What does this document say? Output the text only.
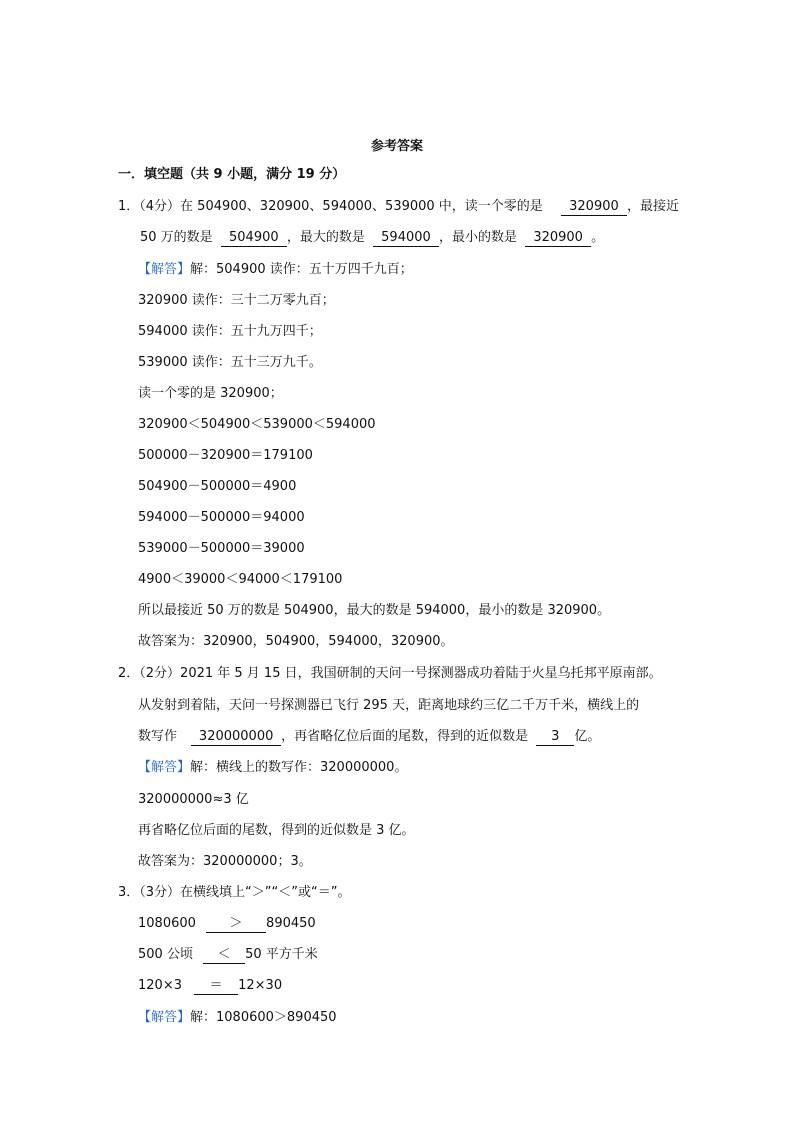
参考答案
一．填空题（共 9 小题，满分 19 分）
1．（4分）在 504900、320900、594000、539000 中，读一个零的是 320900 ，最接近
50 万的数是 504900 ，最大的数是 594000 ，最小的数是 320900 。
【解答】解：504900 读作：五十万四千九百；
320900 读作：三十二万零九百；
594000 读作：五十九万四千；
539000 读作：五十三万九千。
读一个零的是 320900；
320900＜504900＜539000＜594000
500000－320900＝179100
504900－500000＝4900
594000－500000＝94000
539000－500000＝39000
4900＜39000＜94000＜179100
所以最接近 50 万的数是 504900，最大的数是 594000，最小的数是 320900。
故答案为：320900，504900，594000，320900。
2．（2分）2021 年 5 月 15 日，我国研制的天问一号探测器成功着陆于火星乌托邦平原南部。
从发射到着陆，天问一号探测器已飞行 295 天，距离地球约三亿二千万千米，横线上的
数写作 320000000 ，再省略亿位后面的尾数，得到的近似数是 3 亿。
【解答】解：横线上的数写作：320000000。
320000000≈3 亿
再省略亿位后面的尾数，得到的近似数是 3 亿。
故答案为：320000000；3。
3．（3分）在横线填上“＞”“＜”或“＝”。
1080600	＞ 890450
500 公顷 ＜ 50 平方千米
120×3 ＝ 12×30
【解答】解：1080600＞890450
